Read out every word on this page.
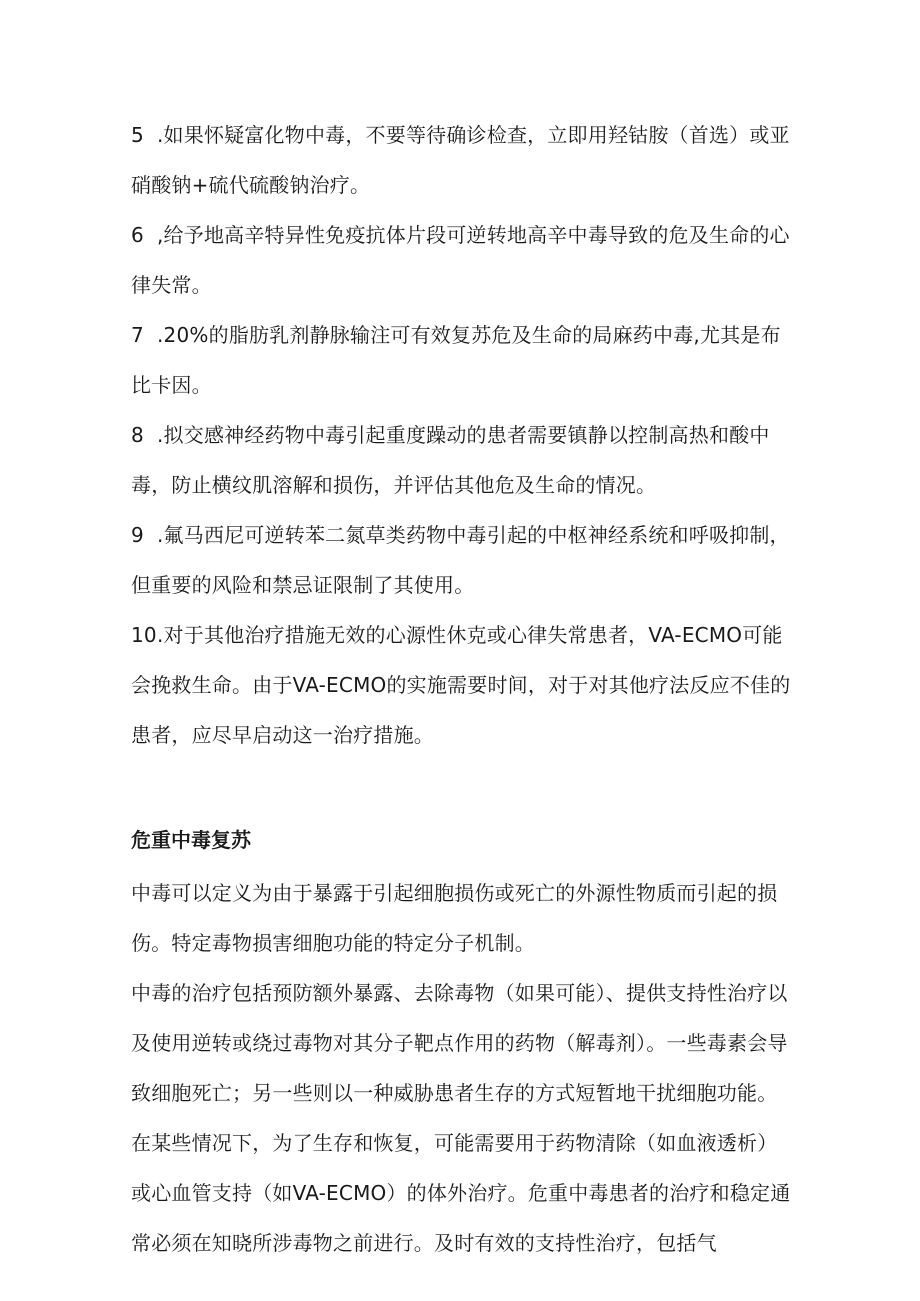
5 .如果怀疑富化物中毒，不要等待确诊检查，立即用羟钴胺（首选）或亚硝酸钠+硫代硫酸钠治疗。

6 ,给予地高辛特异性免疫抗体片段可逆转地高辛中毒导致的危及生命的心律失常。

7 .20%的脂肪乳剂静脉输注可有效复苏危及生命的局麻药中毒,尤其是布比卡因。

8 .拟交感神经药物中毒引起重度躁动的患者需要镇静以控制高热和酸中毒，防止横纹肌溶解和损伤，并评估其他危及生命的情况。

9 .氟马西尼可逆转苯二氮草类药物中毒引起的中枢神经系统和呼吸抑制，但重要的风险和禁忌证限制了其使用。

10.对于其他治疗措施无效的心源性休克或心律失常患者，VA-ECMO可能会挽救生命。由于VA-ECMO的实施需要时间，对于对其他疗法反应不佳的患者，应尽早启动这一治疗措施。

危重中毒复苏

中毒可以定义为由于暴露于引起细胞损伤或死亡的外源性物质而引起的损伤。特定毒物损害细胞功能的特定分子机制。

中毒的治疗包括预防额外暴露、去除毒物（如果可能）、提供支持性治疗以及使用逆转或绕过毒物对其分子靶点作用的药物（解毒剂）。一些毒素会导致细胞死亡；另一些则以一种威胁患者生存的方式短暂地干扰细胞功能。在某些情况下，为了生存和恢复，可能需要用于药物清除（如血液透析）或心血管支持（如VA-ECMO）的体外治疗。危重中毒患者的治疗和稳定通常必须在知晓所涉毒物之前进行。及时有效的支持性治疗，包括气
